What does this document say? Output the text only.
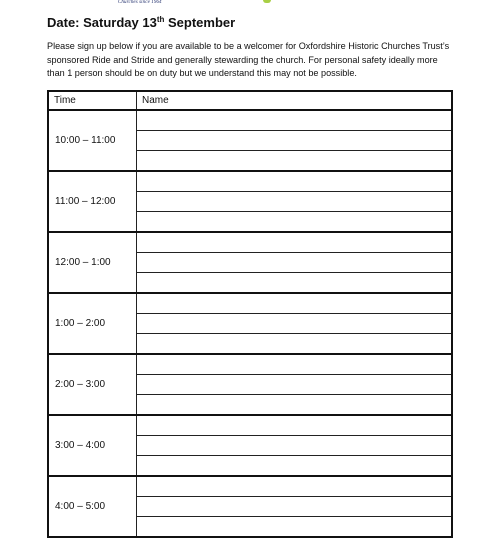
Churches since 1964
Date: Saturday 13th September
Please sign up below if you are available to be a welcomer for Oxfordshire Historic Churches Trust’s
sponsored Ride and Stride and generally stewarding the church. For personal safety ideally more
than 1 person should be on duty but we understand this may not be possible.
Time	Name
10:00 – 11:00	

11:00 – 12:00	

12:00 – 1:00	

1:00 – 2:00	

2:00 – 3:00	

3:00 – 4:00	

4:00 – 5:00	
